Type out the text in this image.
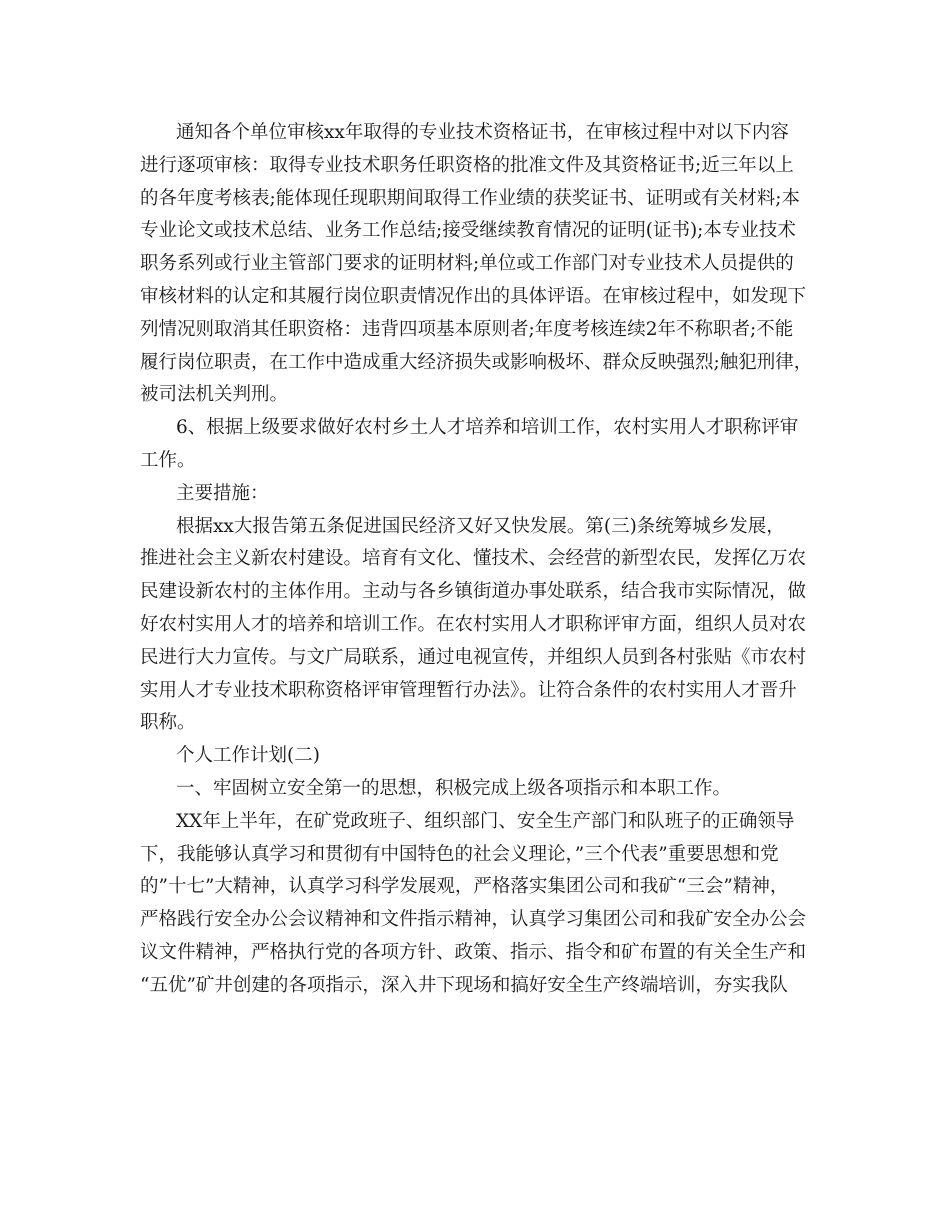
通知各个单位审核xx年取得的专业技术资格证书，在审核过程中对以下内容
进行逐项审核：取得专业技术职务任职资格的批准文件及其资格证书;近三年以上
的各年度考核表;能体现任现职期间取得工作业绩的获奖证书、证明或有关材料;本
专业论文或技术总结、业务工作总结;接受继续教育情况的证明(证书);本专业技术
职务系列或行业主管部门要求的证明材料;单位或工作部门对专业技术人员提供的
审核材料的认定和其履行岗位职责情况作出的具体评语。在审核过程中，如发现下
列情况则取消其任职资格：违背四项基本原则者;年度考核连续2年不称职者;不能
履行岗位职责，在工作中造成重大经济损失或影响极坏、群众反映强烈;触犯刑律，
被司法机关判刑。
6、根据上级要求做好农村乡土人才培养和培训工作，农村实用人才职称评审
工作。
主要措施：
根据xx大报告第五条促进国民经济又好又快发展。第(三)条统筹城乡发展，
推进社会主义新农村建设。培育有文化、懂技术、会经营的新型农民，发挥亿万农
民建设新农村的主体作用。主动与各乡镇街道办事处联系，结合我市实际情况，做
好农村实用人才的培养和培训工作。在农村实用人才职称评审方面，组织人员对农
民进行大力宣传。与文广局联系，通过电视宣传，并组织人员到各村张贴《市农村
实用人才专业技术职称资格评审管理暂行办法》。让符合条件的农村实用人才晋升
职称。
个人工作计划(二)
一、牢固树立安全第一的思想，积极完成上级各项指示和本职工作。
XX年上半年，在矿党政班子、组织部门、安全生产部门和队班子的正确领导
下，我能够认真学习和贯彻有中国特色的社会义理论，”三个代表”重要思想和党
的”十七”大精神，认真学习科学发展观，严格落实集团公司和我矿“三会”精神，
严格践行安全办公会议精神和文件指示精神，认真学习集团公司和我矿安全办公会
议文件精神，严格执行党的各项方针、政策、指示、指令和矿布置的有关全生产和
“五优”矿井创建的各项指示，深入井下现场和搞好安全生产终端培训，夯实我队
